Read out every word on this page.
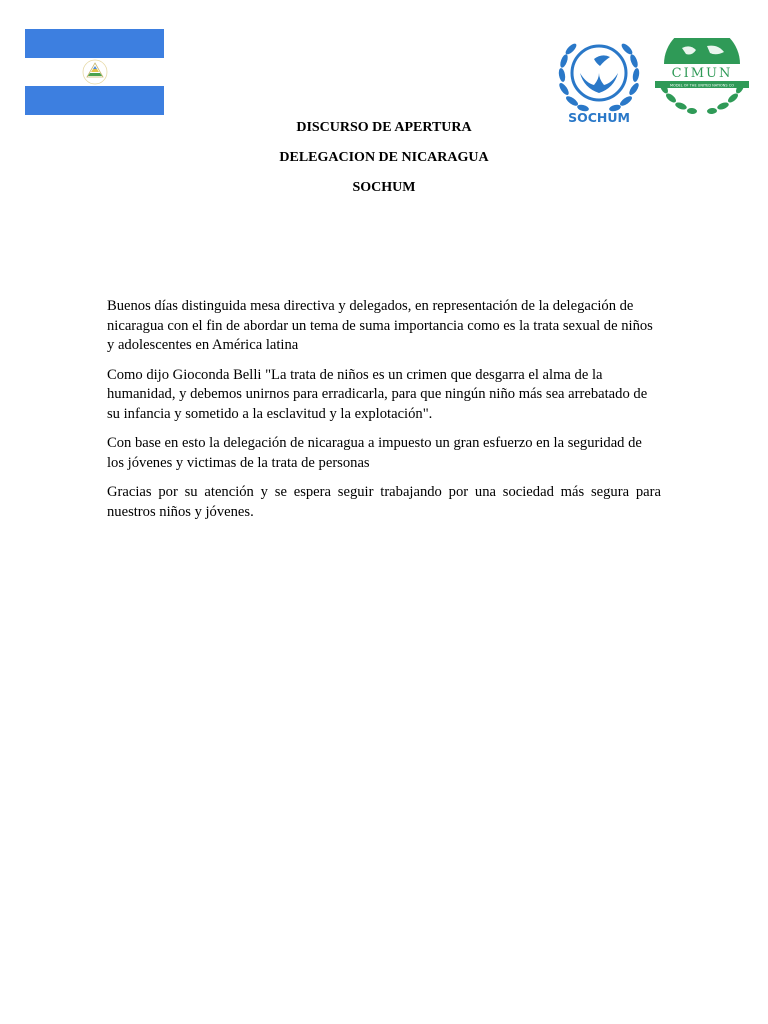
SOCHUM
CIMUN
MODEL OF THE UNITED NATIONS CO
DISCURSO DE APERTURA
DELEGACION DE NICARAGUA
SOCHUM

Buenos días distinguida mesa directiva y delegados, en representación de la delegación de nicaragua con el fin de abordar un tema de suma importancia como es la trata sexual de niños y adolescentes en América latina

Como dijo Gioconda Belli "La trata de niños es un crimen que desgarra el alma de la humanidad, y debemos unirnos para erradicarla, para que ningún niño más sea arrebatado de su infancia y sometido a la esclavitud y la explotación".

Con base en esto la delegación de nicaragua a impuesto un gran esfuerzo en la seguridad de los jóvenes y victimas de la trata de personas

Gracias por su atención y se espera seguir trabajando por una sociedad más segura para nuestros niños y jóvenes.
